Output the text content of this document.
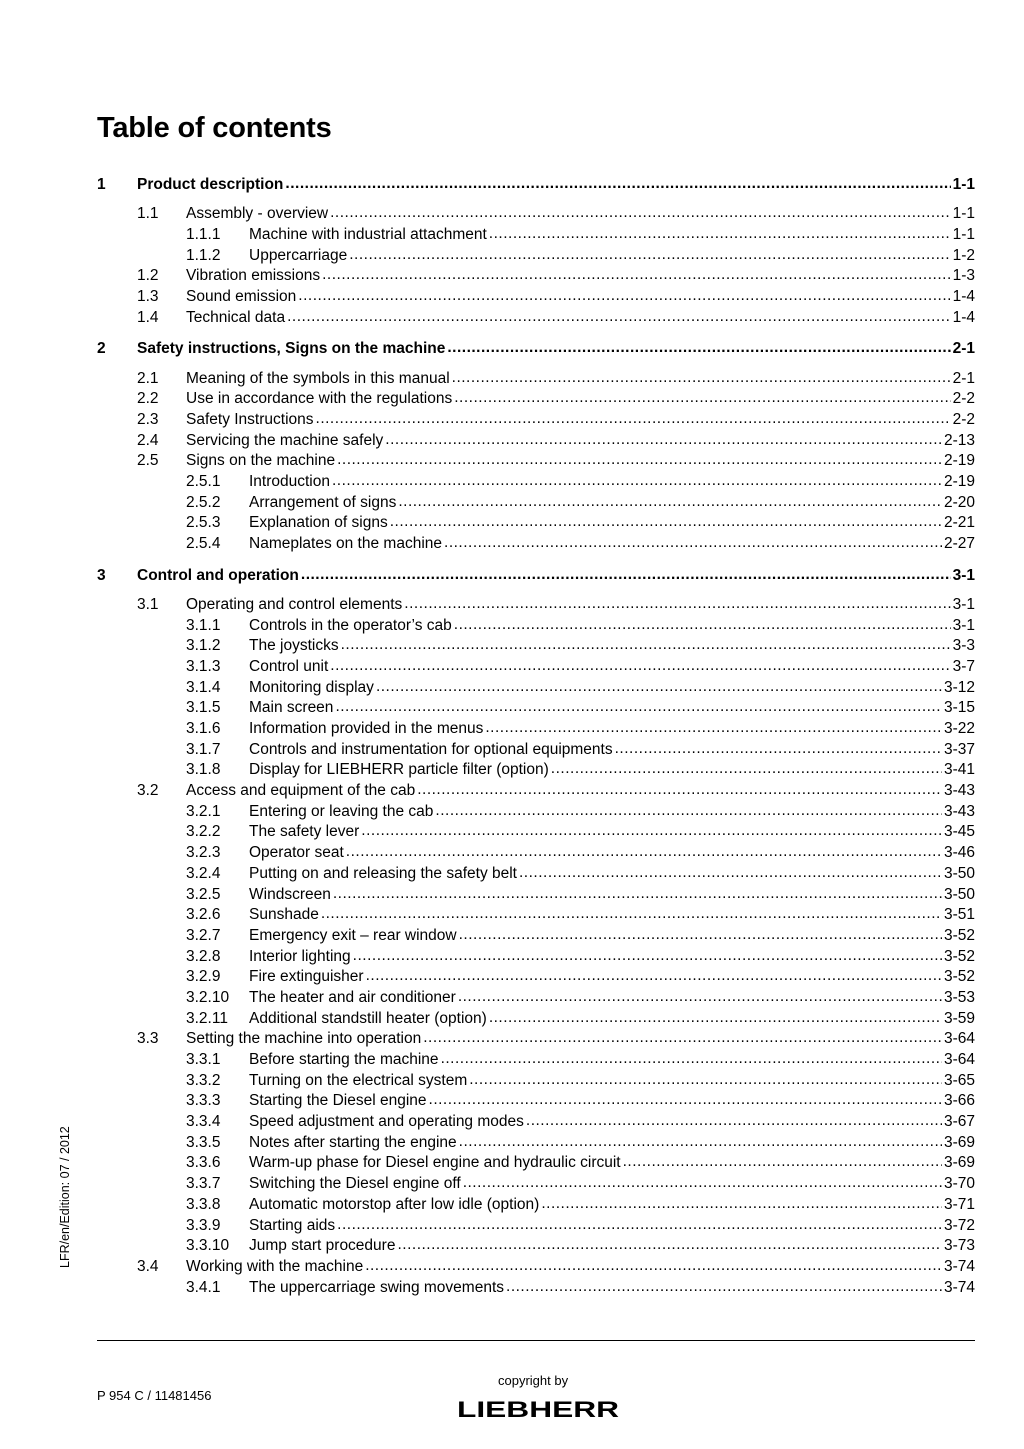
Table of contents
1	Product description .....	1-1
1.1	Assembly - overview .....	1-1
1.1.1	Machine with industrial attachment .....	1-1
1.1.2	Uppercarriage .....	1-2
1.2	Vibration emissions .....	1-3
1.3	Sound emission .....	1-4
1.4	Technical data .....	1-4
2	Safety instructions, Signs on the machine .....	2-1
2.1	Meaning of the symbols in this manual .....	2-1
2.2	Use in accordance with the regulations .....	2-2
2.3	Safety Instructions .....	2-2
2.4	Servicing the machine safely .....	2-13
2.5	Signs on the machine .....	2-19
2.5.1	Introduction .....	2-19
2.5.2	Arrangement of signs .....	2-20
2.5.3	Explanation of signs .....	2-21
2.5.4	Nameplates on the machine .....	2-27
3	Control and operation .....	3-1
3.1	Operating and control elements .....	3-1
3.1.1	Controls in the operator’s cab .....	3-1
3.1.2	The joysticks .....	3-3
3.1.3	Control unit .....	3-7
3.1.4	Monitoring display .....	3-12
3.1.5	Main screen .....	3-15
3.1.6	Information provided in the menus .....	3-22
3.1.7	Controls and instrumentation for optional equipments .....	3-37
3.1.8	Display for LIEBHERR particle filter (option) .....	3-41
3.2	Access and equipment of the cab .....	3-43
3.2.1	Entering or leaving the cab .....	3-43
3.2.2	The safety lever .....	3-45
3.2.3	Operator seat .....	3-46
3.2.4	Putting on and releasing the safety belt .....	3-50
3.2.5	Windscreen .....	3-50
3.2.6	Sunshade .....	3-51
3.2.7	Emergency exit – rear window .....	3-52
3.2.8	Interior lighting .....	3-52
3.2.9	Fire extinguisher .....	3-52
3.2.10	The heater and air conditioner .....	3-53
3.2.11	Additional standstill heater (option) .....	3-59
3.3	Setting the machine into operation .....	3-64
3.3.1	Before starting the machine .....	3-64
3.3.2	Turning on the electrical system .....	3-65
3.3.3	Starting the Diesel engine .....	3-66
3.3.4	Speed adjustment and operating modes .....	3-67
3.3.5	Notes after starting the engine .....	3-69
3.3.6	Warm-up phase for Diesel engine and hydraulic circuit .....	3-69
3.3.7	Switching the Diesel engine off .....	3-70
3.3.8	Automatic motorstop after low idle (option) .....	3-71
3.3.9	Starting aids .....	3-72
3.3.10	Jump start procedure .....	3-73
3.4	Working with the machine .....	3-74
3.4.1	The uppercarriage swing movements .....	3-74
LFR/en/Edition: 07 / 2012
P 954 C / 11481456
copyright by
LIEBHERR
